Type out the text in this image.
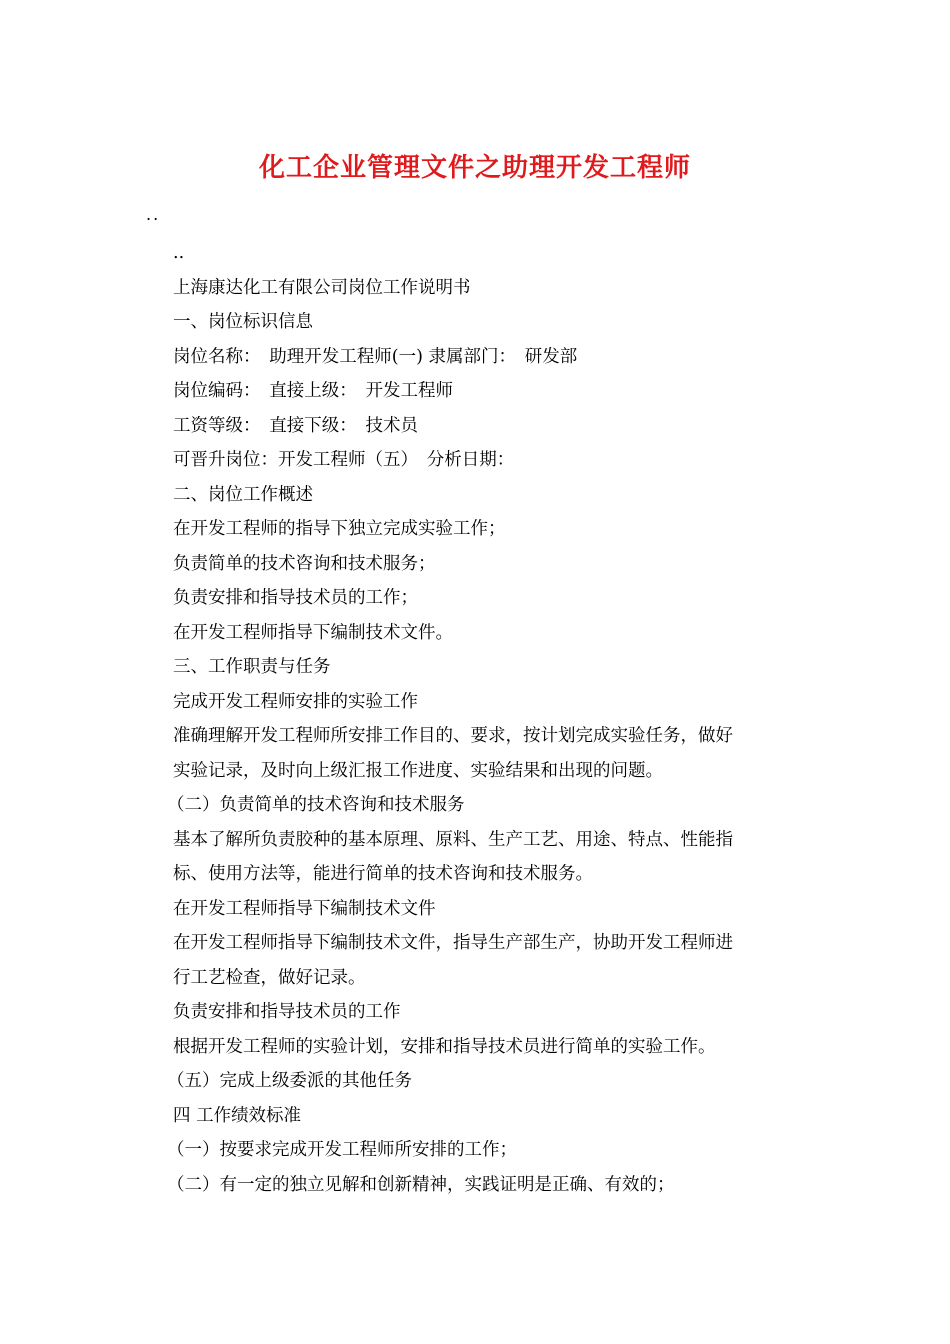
化工企业管理文件之助理开发工程师
..
..
上海康达化工有限公司岗位工作说明书
一、岗位标识信息
岗位名称：　助理开发工程师(一) 隶属部门：　研发部
岗位编码：　直接上级：　开发工程师
工资等级：　直接下级：　技术员
可晋升岗位：开发工程师（五）　分析日期：
二、岗位工作概述
在开发工程师的指导下独立完成实验工作；
负责简单的技术咨询和技术服务；
负责安排和指导技术员的工作；
在开发工程师指导下编制技术文件。
三、工作职责与任务
完成开发工程师安排的实验工作
准确理解开发工程师所安排工作目的、要求，按计划完成实验任务，做好
实验记录，及时向上级汇报工作进度、实验结果和出现的问题。
（二）负责简单的技术咨询和技术服务
基本了解所负责胶种的基本原理、原料、生产工艺、用途、特点、性能指
标、使用方法等，能进行简单的技术咨询和技术服务。
在开发工程师指导下编制技术文件
在开发工程师指导下编制技术文件，指导生产部生产，协助开发工程师进
行工艺检查，做好记录。
负责安排和指导技术员的工作
根据开发工程师的实验计划，安排和指导技术员进行简单的实验工作。
（五）完成上级委派的其他任务
四 工作绩效标准
（一）按要求完成开发工程师所安排的工作；
（二）有一定的独立见解和创新精神，实践证明是正确、有效的；
